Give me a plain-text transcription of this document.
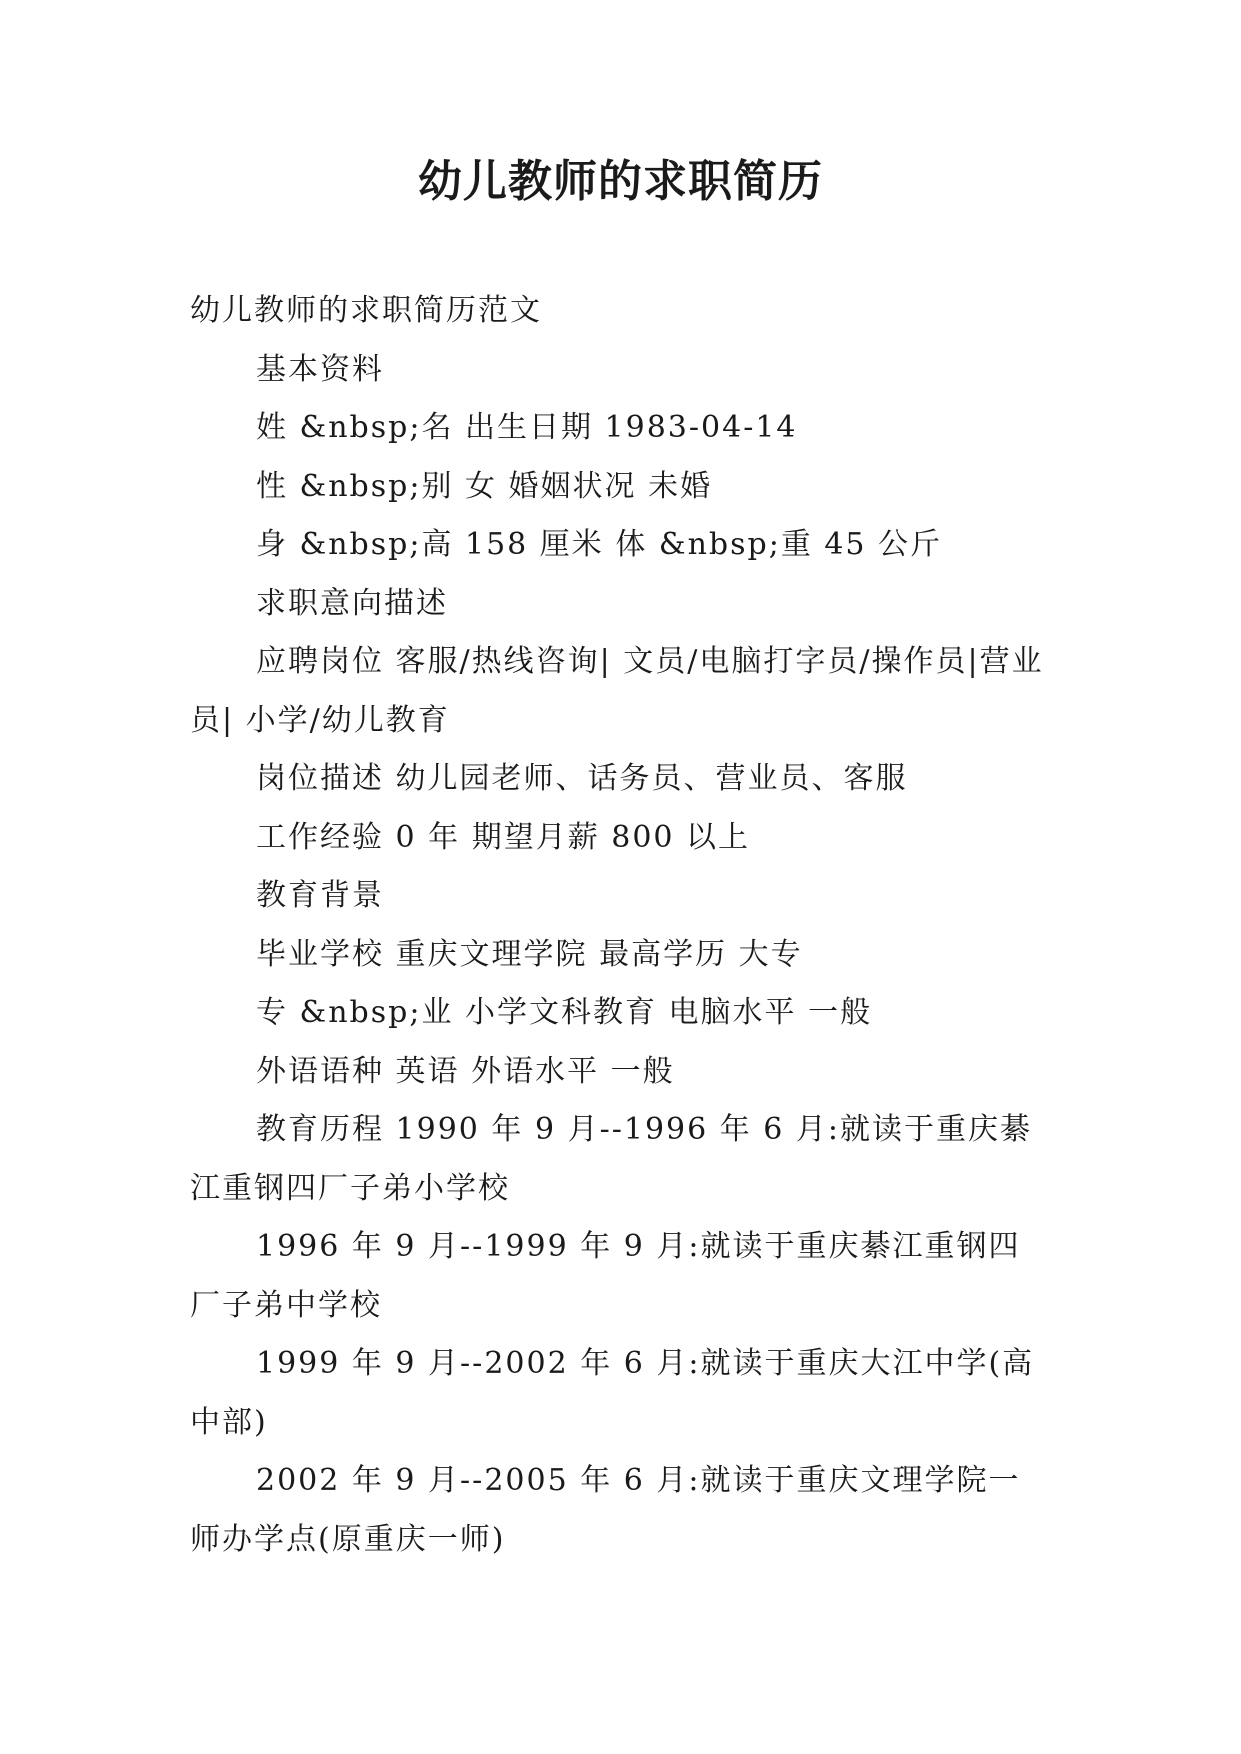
幼儿教师的求职简历

幼儿教师的求职简历范文

基本资料

姓 &nbsp;名 出生日期 1983-04-14

性 &nbsp;别 女 婚姻状况 未婚

身 &nbsp;高 158 厘米 体 &nbsp;重 45 公斤

求职意向描述

应聘岗位 客服/热线咨询| 文员/电脑打字员/操作员|营业员| 小学/幼儿教育

岗位描述 幼儿园老师、话务员、营业员、客服

工作经验 0 年 期望月薪 800 以上

教育背景

毕业学校 重庆文理学院 最高学历 大专

专 &nbsp;业 小学文科教育 电脑水平 一般

外语语种 英语 外语水平 一般

教育历程 1990 年 9 月--1996 年 6 月:就读于重庆綦江重钢四厂子弟小学校

1996 年 9 月--1999 年 9 月:就读于重庆綦江重钢四厂子弟中学校

1999 年 9 月--2002 年 6 月:就读于重庆大江中学(高中部)

2002 年 9 月--2005 年 6 月:就读于重庆文理学院一师办学点(原重庆一师)
